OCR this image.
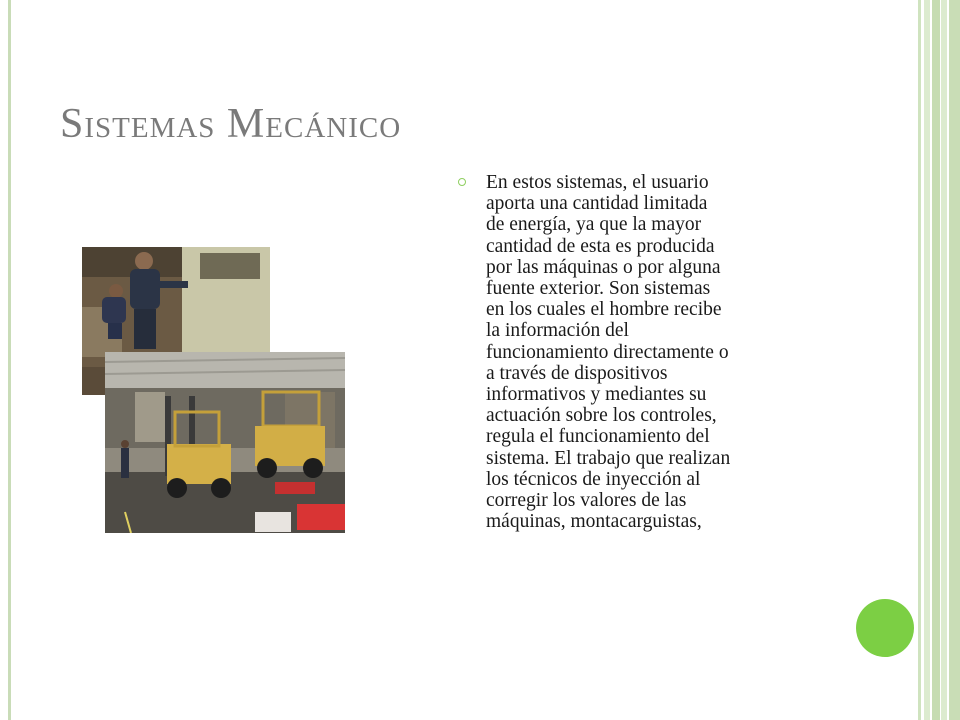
Sistemas Mecánico
En estos sistemas, el usuario
aporta una cantidad limitada
de energía, ya que la mayor
cantidad de esta es producida
por las máquinas o por alguna
fuente exterior. Son sistemas
en los cuales el hombre recibe
la información del
funcionamiento directamente o
a través de dispositivos
informativos y mediantes su
actuación sobre los controles,
regula el funcionamiento del
sistema. El trabajo que realizan
los técnicos de inyección al
corregir los valores de las
máquinas, montacarguistas,
